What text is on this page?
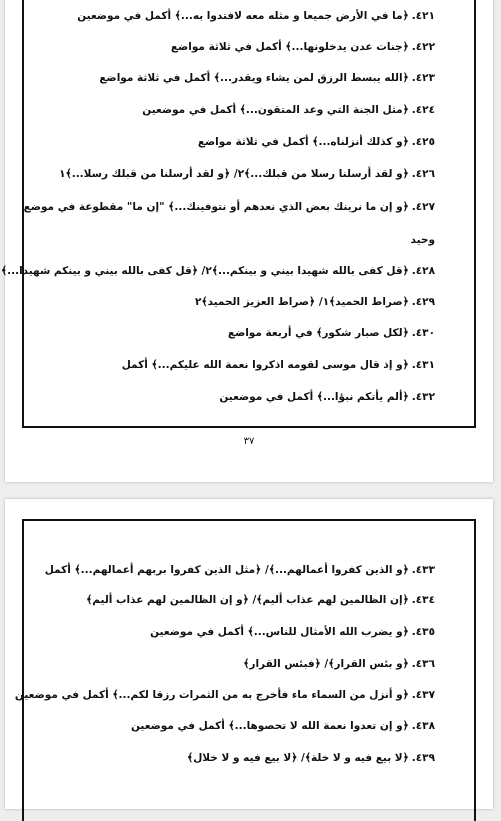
٤٢١.﴿ما في الأرض جميعا و مثله معه لافتدوا به...﴾ أكمل في موضعين
٤٢٢.﴿جنات عدن يدخلونها...﴾ أكمل في ثلاثة مواضع
٤٢٣.﴿الله يبسط الرزق لمن يشاء ويقدر...﴾ أكمل في ثلاثة مواضع
٤٢٤.﴿مثل الجنة التي وعد المتقون...﴾ أكمل في موضعين
٤٢٥.﴿و كذلك أنزلناه...﴾ أكمل في ثلاثة مواضع
٤٢٦.﴿و لقد أرسلنا رسلا من قبلك...﴾٢/ ﴿و لقد أرسلنا من قبلك رسلا...﴾١
٤٢٧.﴿و إن ما نرينك بعض الذي نعدهم أو نتوفينك...﴾ "إن ما" مقطوعة في موضع
وحيد
٤٢٨.﴿قل كفى بالله شهيدا بيني و بينكم...﴾٢/ ﴿قل كفى بالله بيني و بينكم شهيدا...﴾
٤٢٩.﴿صراط الحميد﴾١/ ﴿صراط العزيز الحميد﴾٢
٤٣٠.﴿لكل صبار شكور﴾ في أربعة مواضع
٤٣١.﴿و إذ قال موسى لقومه اذكروا نعمة الله عليكم...﴾ أكمل
٤٣٢.﴿ألم يأتكم نبؤا...﴾ أكمل في موضعين
٣٧
٤٣٣.﴿و الذين كفروا أعمالهم...﴾/ ﴿مثل الذين كفروا بربهم أعمالهم...﴾ أكمل
٤٣٤.﴿إن الظالمين لهم عذاب أليم﴾/ ﴿و إن الظالمين لهم عذاب أليم﴾
٤٣٥.﴿و يضرب الله الأمثال للناس...﴾ أكمل في موضعين
٤٣٦.﴿و بئس القرار﴾/ ﴿فبئس القرار﴾
٤٣٧.﴿و أنزل من السماء ماء فأخرج به من الثمرات رزقا لكم...﴾ أكمل في موضعين
٤٣٨.﴿و إن تعدوا نعمة الله لا تحصوها...﴾ أكمل في موضعين
٤٣٩.﴿لا بيع فيه و لا خلة﴾/ ﴿لا بيع فيه و لا خلال﴾
